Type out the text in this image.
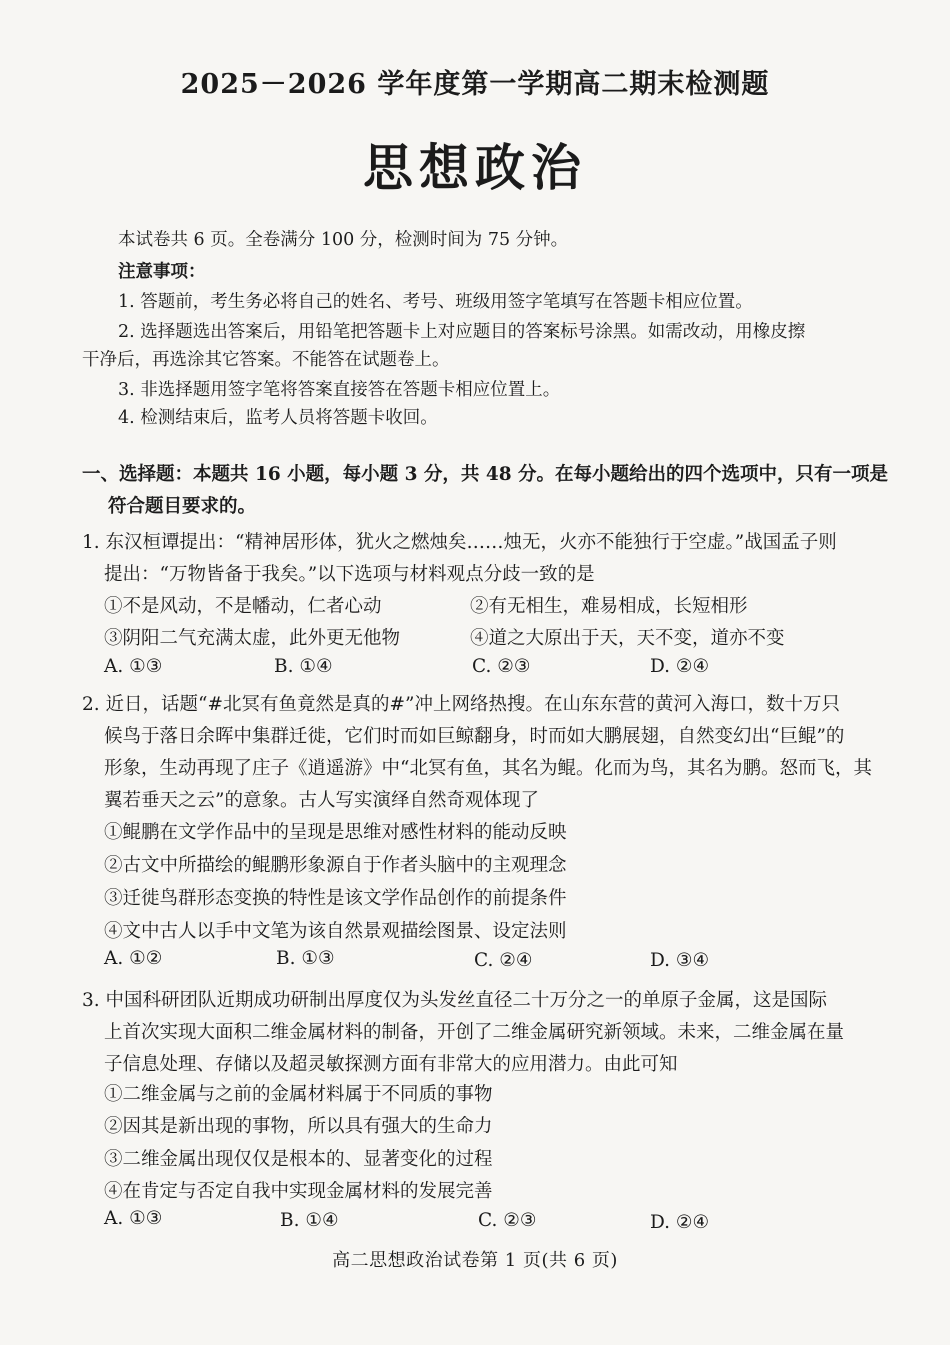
2025－2026 学年度第一学期高二期末检测题
思想政治
本试卷共 6 页。全卷满分 100 分，检测时间为 75 分钟。
注意事项：
1. 答题前，考生务必将自己的姓名、考号、班级用签字笔填写在答题卡相应位置。
2. 选择题选出答案后，用铅笔把答题卡上对应题目的答案标号涂黑。如需改动，用橡皮擦
干净后，再选涂其它答案。不能答在试题卷上。
3. 非选择题用签字笔将答案直接答在答题卡相应位置上。
4. 检测结束后，监考人员将答题卡收回。
一、选择题：本题共 16 小题，每小题 3 分，共 48 分。在每小题给出的四个选项中，只有一项是
符合题目要求的。
1. 东汉桓谭提出：“精神居形体，犹火之燃烛矣……烛无，火亦不能独行于空虚。”战国孟子则
提出：“万物皆备于我矣。”以下选项与材料观点分歧一致的是
①不是风动，不是幡动，仁者心动	②有无相生，难易相成，长短相形
③阴阳二气充满太虚，此外更无他物	④道之大原出于天，天不变，道亦不变
A. ①③	B. ①④	C. ②③	D. ②④
2. 近日，话题“#北冥有鱼竟然是真的#”冲上网络热搜。在山东东营的黄河入海口，数十万只
候鸟于落日余晖中集群迁徙，它们时而如巨鲸翻身，时而如大鹏展翅，自然变幻出“巨鲲”的
形象，生动再现了庄子《逍遥游》中“北冥有鱼，其名为鲲。化而为鸟，其名为鹏。怒而飞，其
翼若垂天之云”的意象。古人写实演绎自然奇观体现了
①鲲鹏在文学作品中的呈现是思维对感性材料的能动反映
②古文中所描绘的鲲鹏形象源自于作者头脑中的主观理念
③迁徙鸟群形态变换的特性是该文学作品创作的前提条件
④文中古人以手中文笔为该自然景观描绘图景、设定法则
A. ①②	B. ①③	C. ②④	D. ③④
3. 中国科研团队近期成功研制出厚度仅为头发丝直径二十万分之一的单原子金属，这是国际
上首次实现大面积二维金属材料的制备，开创了二维金属研究新领域。未来，二维金属在量
子信息处理、存储以及超灵敏探测方面有非常大的应用潜力。由此可知
①二维金属与之前的金属材料属于不同质的事物
②因其是新出现的事物，所以具有强大的生命力
③二维金属出现仅仅是根本的、显著变化的过程
④在肯定与否定自我中实现金属材料的发展完善
A. ①③	B. ①④	C. ②③	D. ②④
高二思想政治试卷第 1 页(共 6 页)
